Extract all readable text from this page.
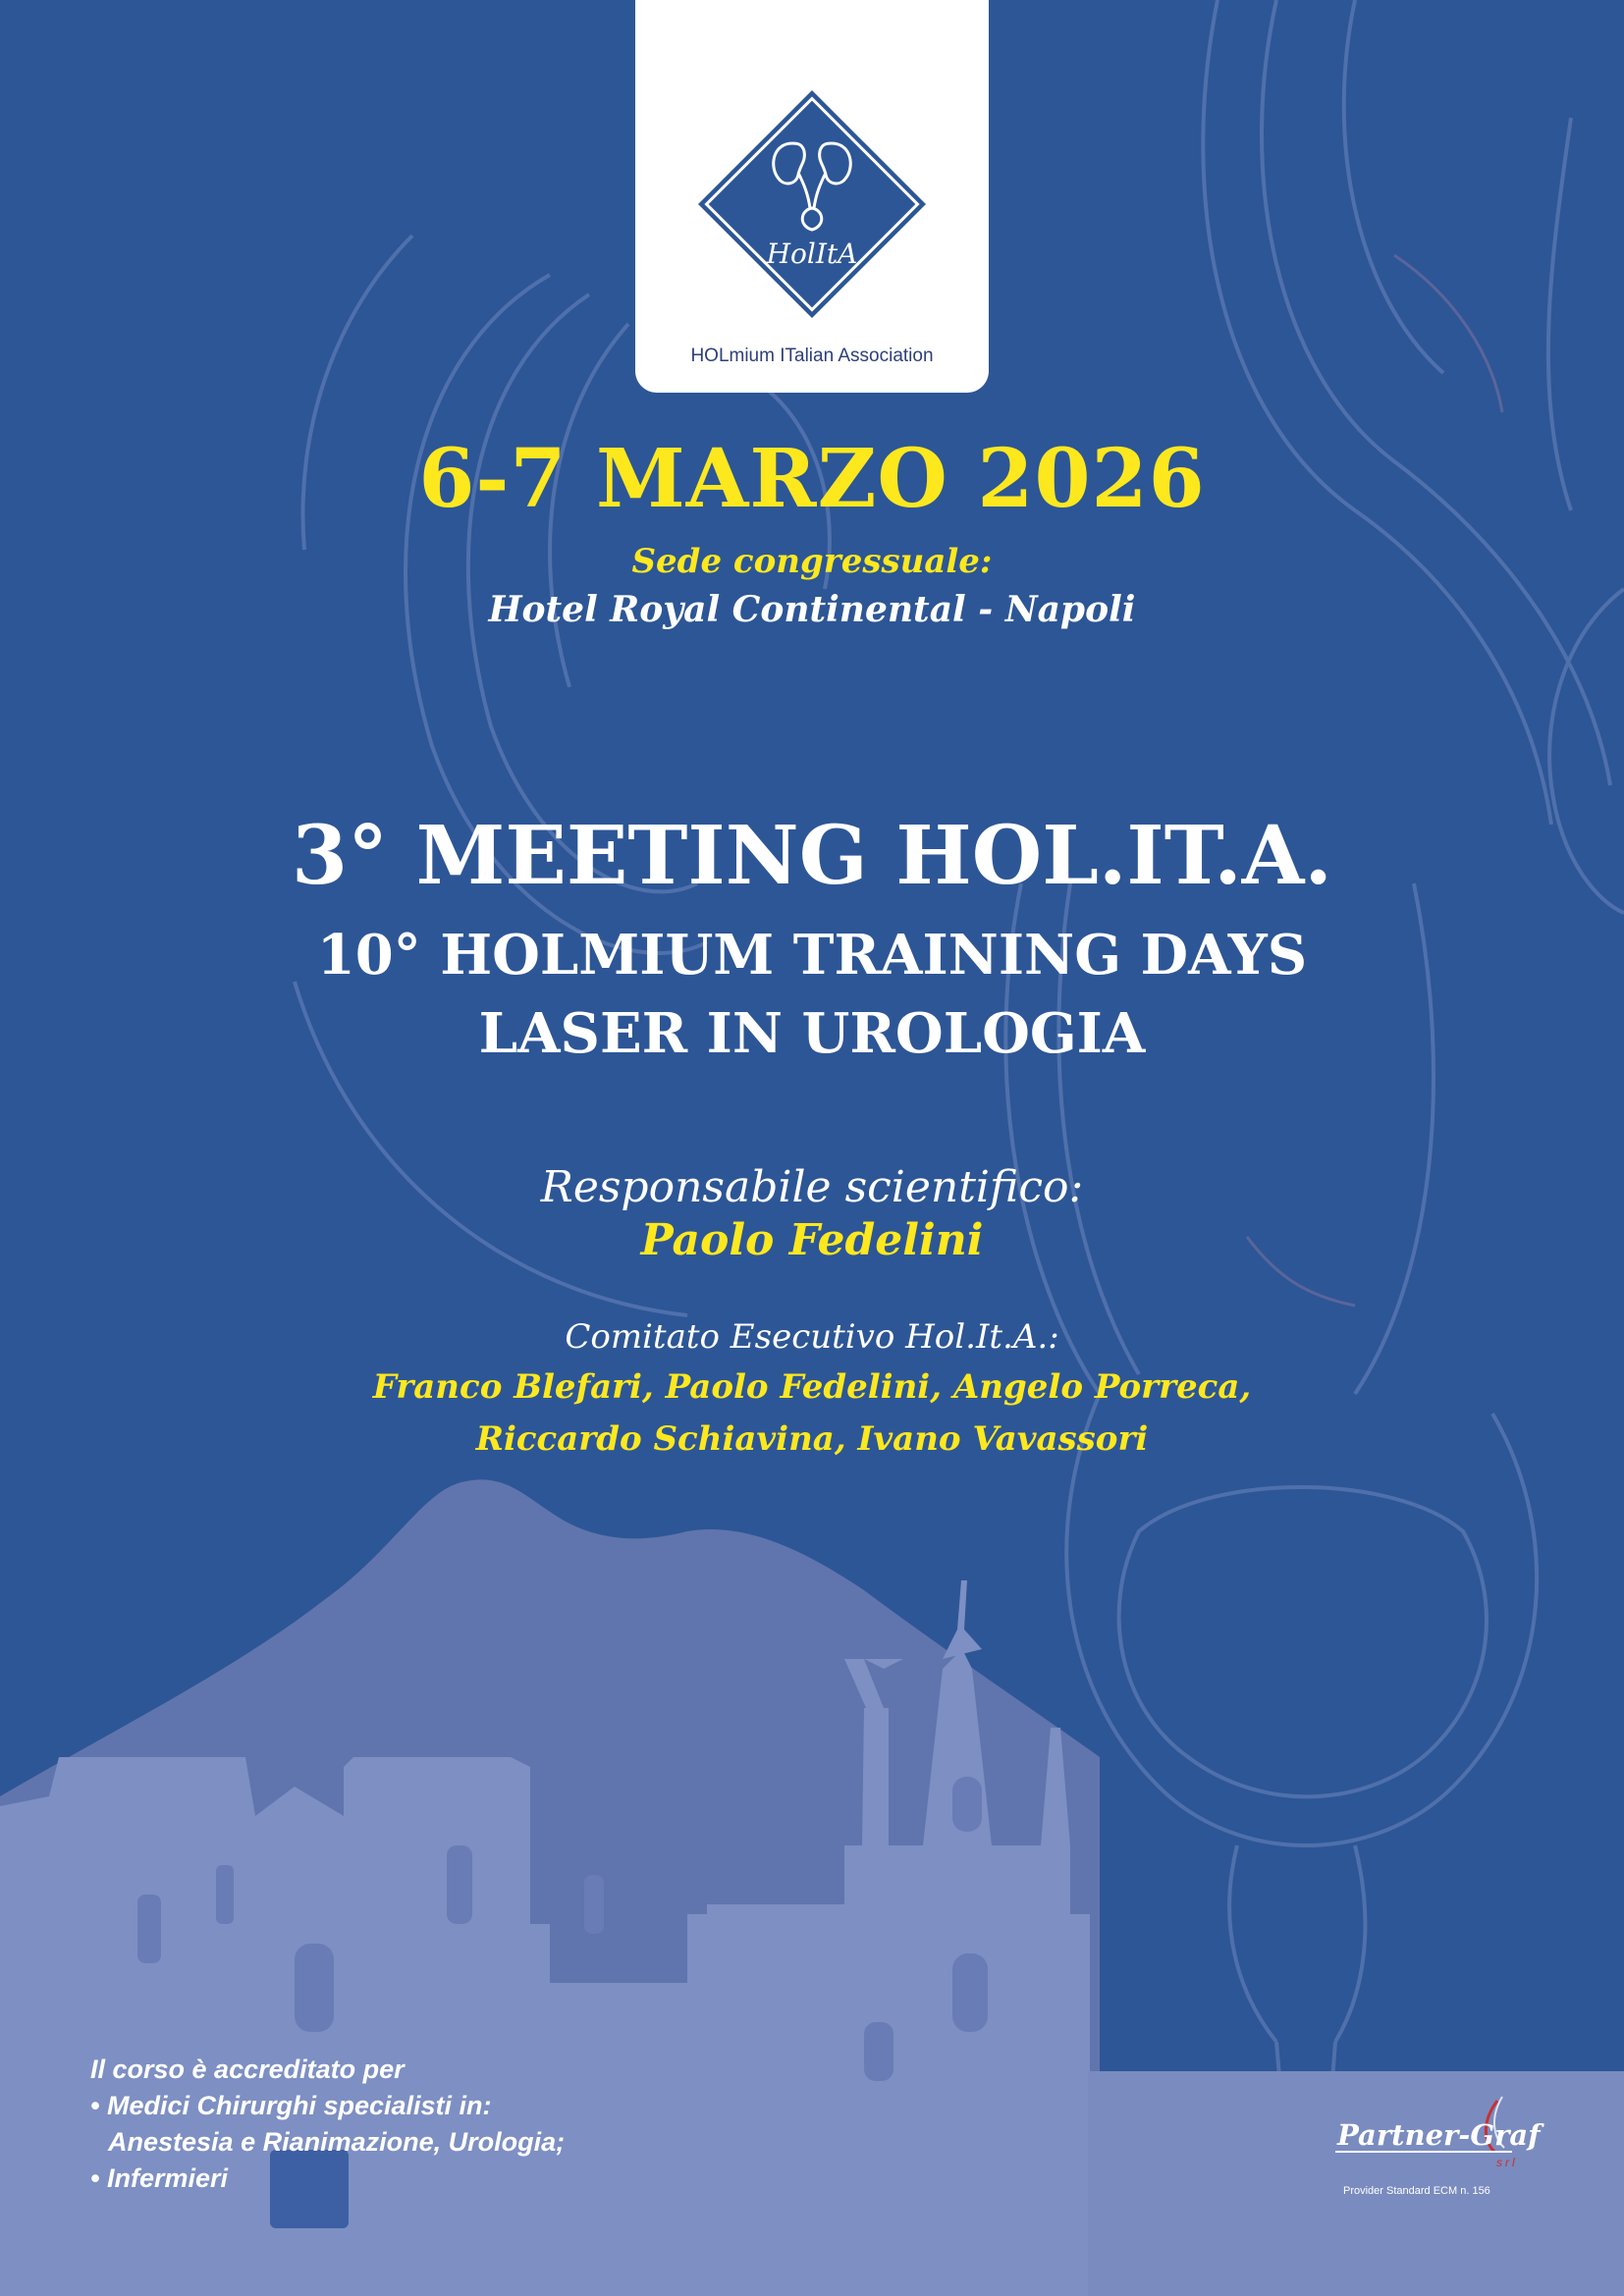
HolItA
HOLmium ITalian Association
6-7 MARZO 2026
Sede congressuale:
Hotel Royal Continental - Napoli
3° MEETING HOL.IT.A.
10° HOLMIUM TRAINING DAYS
LASER IN UROLOGIA
Responsabile scientifico:
Paolo Fedelini
Comitato Esecutivo Hol.It.A.:
Franco Blefari, Paolo Fedelini, Angelo Porreca,
Riccardo Schiavina, Ivano Vavassori
Il corso è accreditato per
• Medici Chirurghi specialisti in:
Anestesia e Rianimazione, Urologia;
• Infermieri
Partner-Graf
srl
Provider Standard ECM n. 156
